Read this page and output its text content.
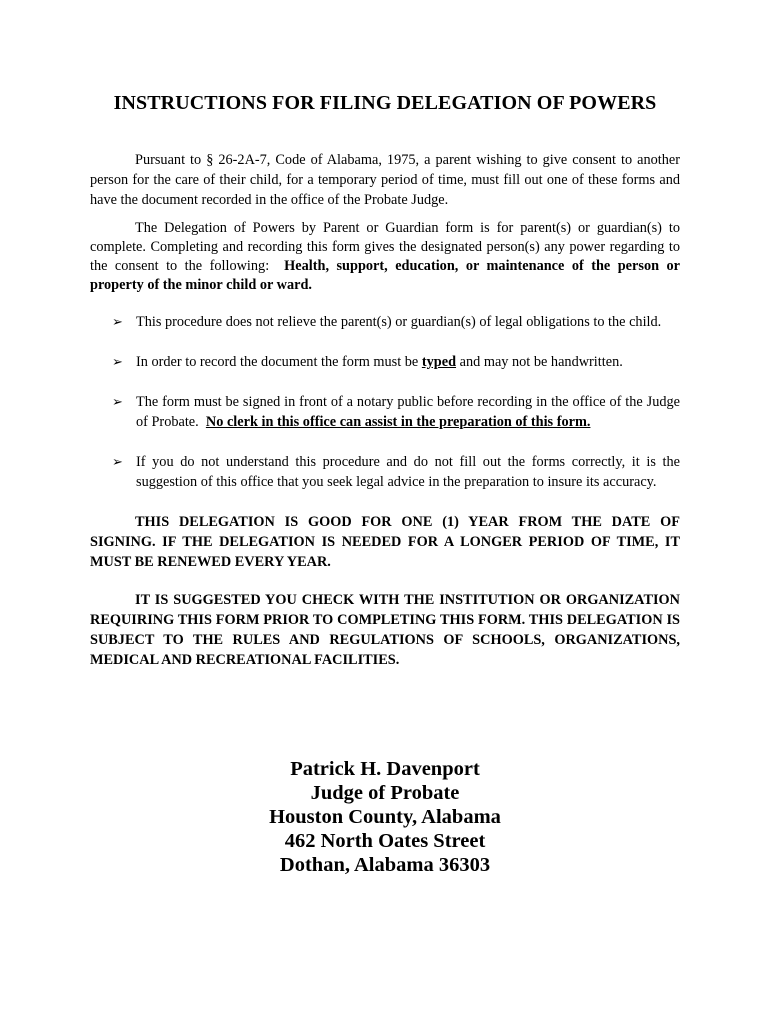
INSTRUCTIONS FOR FILING DELEGATION OF POWERS

Pursuant to § 26-2A-7, Code of Alabama, 1975, a parent wishing to give consent to another person for the care of their child, for a temporary period of time, must fill out one of these forms and have the document recorded in the office of the Probate Judge.

The Delegation of Powers by Parent or Guardian form is for parent(s) or guardian(s) to complete. Completing and recording this form gives the designated person(s) any power regarding to the consent to the following: Health, support, education, or maintenance of the person or property of the minor child or ward.

➢ This procedure does not relieve the parent(s) or guardian(s) of legal obligations to the child.
➢ In order to record the document the form must be typed and may not be handwritten.
➢ The form must be signed in front of a notary public before recording in the office of the Judge of Probate. No clerk in this office can assist in the preparation of this form.
➢ If you do not understand this procedure and do not fill out the forms correctly, it is the suggestion of this office that you seek legal advice in the preparation to insure its accuracy.

THIS DELEGATION IS GOOD FOR ONE (1) YEAR FROM THE DATE OF SIGNING. IF THE DELEGATION IS NEEDED FOR A LONGER PERIOD OF TIME, IT MUST BE RENEWED EVERY YEAR.

IT IS SUGGESTED YOU CHECK WITH THE INSTITUTION OR ORGANIZATION REQUIRING THIS FORM PRIOR TO COMPLETING THIS FORM. THIS DELEGATION IS SUBJECT TO THE RULES AND REGULATIONS OF SCHOOLS, ORGANIZATIONS, MEDICAL AND RECREATIONAL FACILITIES.

Patrick H. Davenport
Judge of Probate
Houston County, Alabama
462 North Oates Street
Dothan, Alabama 36303
